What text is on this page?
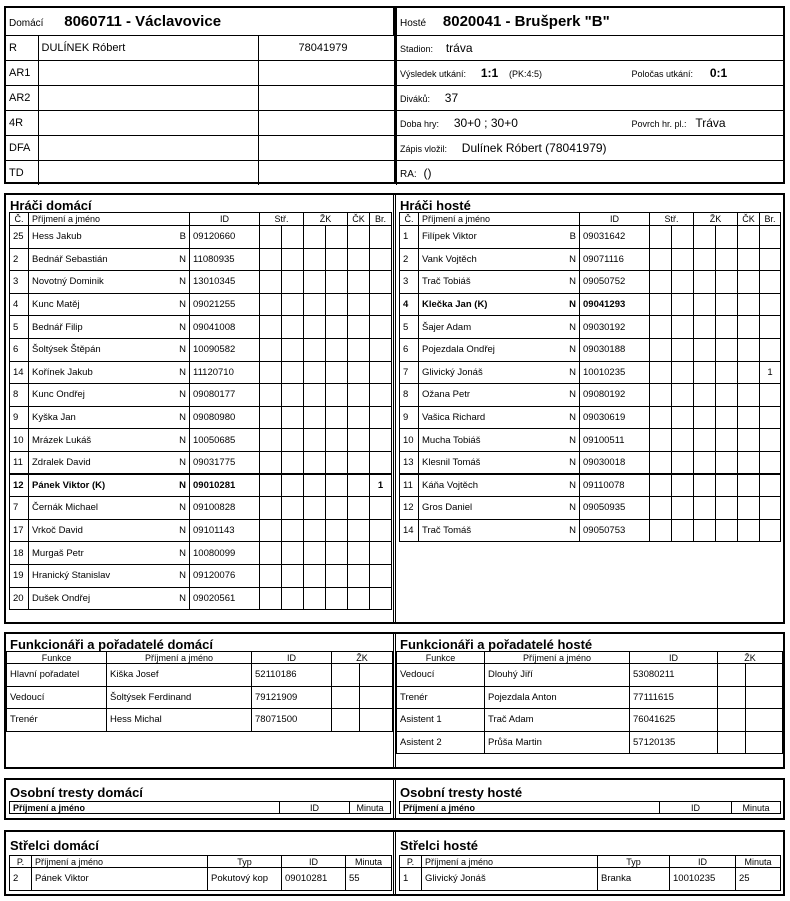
Domácí 8060711 - Václavovice		
R	DULÍNEK Róbert	78041979
AR1		
AR2		
4R		
DFA		
TD		
Hosté 8020041 - Brušperk "B"	
Stadion: tráva	
Výsledek utkání: 1:1 (PK:4:5)	Poločas utkání: 0:1
Diváků: 37	
Doba hry: 30+0 ; 30+0	Povrch hr. pl.: Tráva
Zápis vložil: Dulínek Róbert (78041979)	
RA: ()	
Hráči domácí
Č.	Příjmení a jméno		ID	Stř.		ŽK		ČK	Br.
25	Hess Jakub	B	09120660						
2	Bednář Sebastián	N	11080935						
3	Novotný Dominik	N	13010345						
4	Kunc Matěj	N	09021255						
5	Bednář Filip	N	09041008						
6	Šoltýsek Štěpán	N	10090582						
14	Kořínek Jakub	N	11120710						
8	Kunc Ondřej	N	09080177						
9	Kyška Jan	N	09080980						
10	Mrázek Lukáš	N	10050685						
11	Zdralek David	N	09031775						
12	Pánek Viktor (K)	N	09010281						1
7	Černák Michael	N	09100828						
17	Vrkoč David	N	09101143						
18	Murgaš Petr	N	10080099						
19	Hranický Stanislav	N	09120076						
20	Dušek Ondřej	N	09020561						
Hráči hosté
Č.	Příjmení a jméno		ID	Stř.		ŽK		ČK	Br.
1	Filípek Viktor	B	09031642						
2	Vank Vojtěch	N	09071116						
3	Trač Tobiáš	N	09050752						
4	Klečka Jan (K)	N	09041293						
5	Šajer Adam	N	09030192						
6	Pojezdala Ondřej	N	09030188						
7	Glivický Jonáš	N	10010235						1
8	Ožana Petr	N	09080192						
9	Vašica Richard	N	09030619						
10	Mucha Tobiáš	N	09100511						
13	Klesnil Tomáš	N	09030018						
11	Káňa Vojtěch	N	09110078						
12	Gros Daniel	N	09050935						
14	Trač Tomáš	N	09050753						
Funkcionáři a pořadatelé domácí
Funkce	Příjmení a jméno	ID	ŽK	
Hlavní pořadatel	Kiška Josef	52110186		
Vedoucí	Šoltýsek Ferdinand	79121909		
Trenér	Hess Michal	78071500		
Funkcionáři a pořadatelé hosté
Funkce	Příjmení a jméno	ID	ŽK	
Vedoucí	Dlouhý Jiří	53080211		
Trenér	Pojezdala Anton	77111615		
Asistent 1	Trač Adam	76041625		
Asistent 2	Průša Martin	57120135		
Osobní tresty domácí
Příjmení a jméno	ID	Minuta
Osobní tresty hosté
Příjmení a jméno	ID	Minuta
Střelci domácí
P.	Příjmení a jméno	Typ	ID	Minuta
2	Pánek Viktor	Pokutový kop	09010281	55
Střelci hosté
P.	Příjmení a jméno	Typ	ID	Minuta
1	Glivický Jonáš	Branka	10010235	25
